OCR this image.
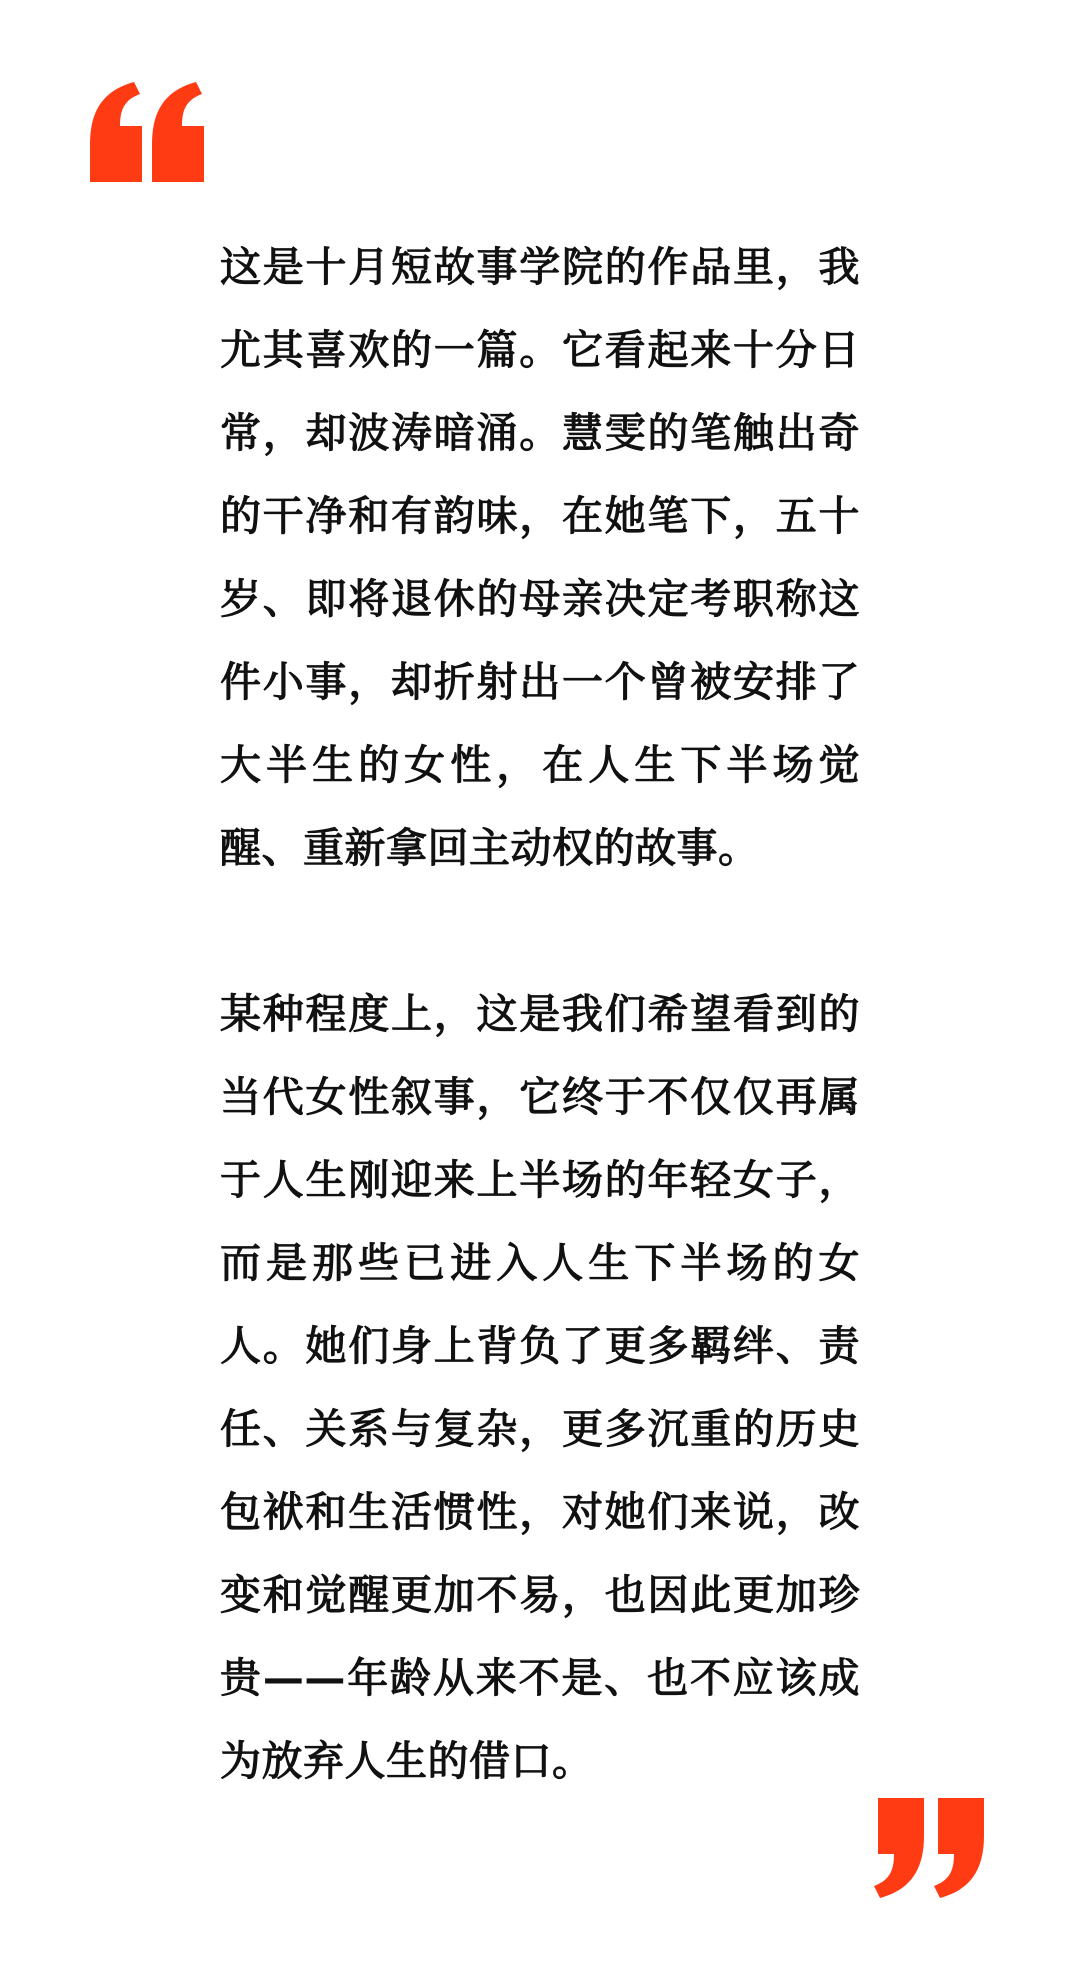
这是十月短故事学院的作品里，我尤其喜欢的一篇。它看起来十分日常，却波涛暗涌。慧雯的笔触出奇的干净和有韵味，在她笔下，五十岁、即将退休的母亲决定考职称这件小事，却折射出一个曾被安排了大半生的女性，在人生下半场觉醒、重新拿回主动权的故事。

某种程度上，这是我们希望看到的当代女性叙事，它终于不仅仅再属于人生刚迎来上半场的年轻女子，而是那些已进入人生下半场的女人。她们身上背负了更多羁绊、责任、关系与复杂，更多沉重的历史包袱和生活惯性，对她们来说，改变和觉醒更加不易，也因此更加珍贵——年龄从来不是、也不应该成为放弃人生的借口。
